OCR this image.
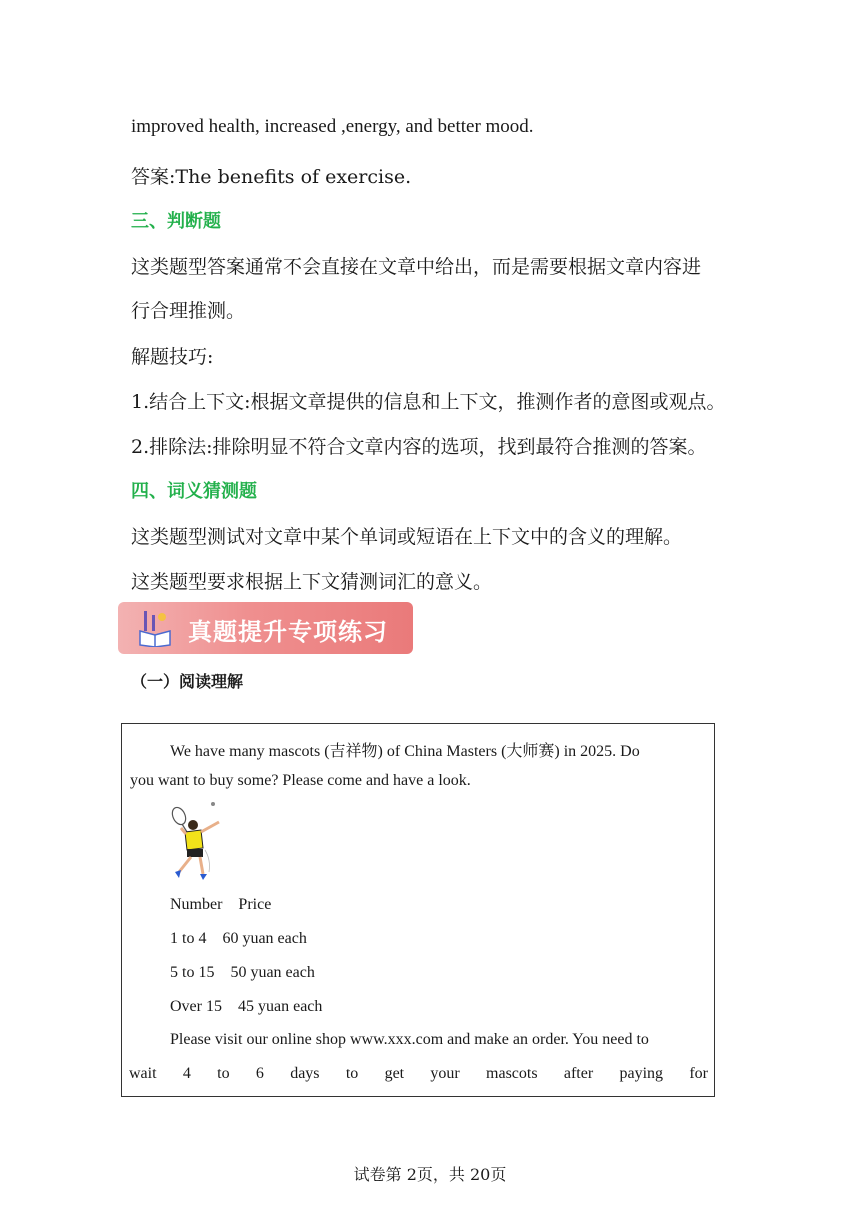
improved health, increased ,energy, and better mood.
答案:The benefits of exercise.
三、判断题
这类题型答案通常不会直接在文章中给出，而是需要根据文章内容进
行合理推测。
解题技巧:
1.结合上下文:根据文章提供的信息和上下文，推测作者的意图或观点。
2.排除法:排除明显不符合文章内容的选项，找到最符合推测的答案。
四、词义猜测题
这类题型测试对文章中某个单词或短语在上下文中的含义的理解。
这类题型要求根据上下文猜测词汇的意义。
真题提升专项练习
（一）阅读理解
We have many mascots (吉祥物) of China Masters (大师赛) in 2025. Do
you want to buy some? Please come and have a look.
Number    Price
1 to 4    60 yuan each
5 to 15    50 yuan each
Over 15    45 yuan each
Please visit our online shop www.xxx.com and make an order. You need to
wait 4 to 6 days to get your mascots after paying for
试卷第 2页，共 20页
